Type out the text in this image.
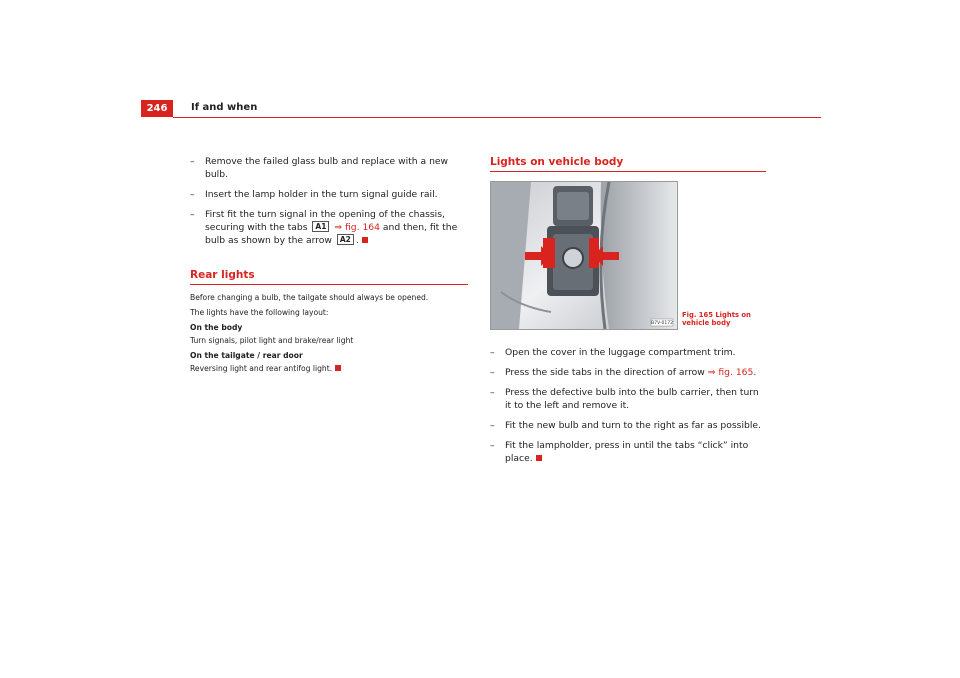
246	If and when
– Remove the failed glass bulb and replace with a new bulb.
– Insert the lamp holder in the turn signal guide rail.
– First fit the turn signal in the opening of the chassis, securing with the tabs A1 ⇒ fig. 164 and then, fit the bulb as shown by the arrow A2 .
Rear lights
Before changing a bulb, the tailgate should always be opened.
The lights have the following layout:
On the body
Turn signals, pilot light and brake/rear light
On the tailgate / rear door
Reversing light and rear antifog light.
Lights on vehicle body
B7V-0172
Fig. 165 Lights on vehicle body
– Open the cover in the luggage compartment trim.
– Press the side tabs in the direction of arrow ⇒ fig. 165.
– Press the defective bulb into the bulb carrier, then turn it to the left and remove it.
– Fit the new bulb and turn to the right as far as possible.
– Fit the lampholder, press in until the tabs “click” into place.
